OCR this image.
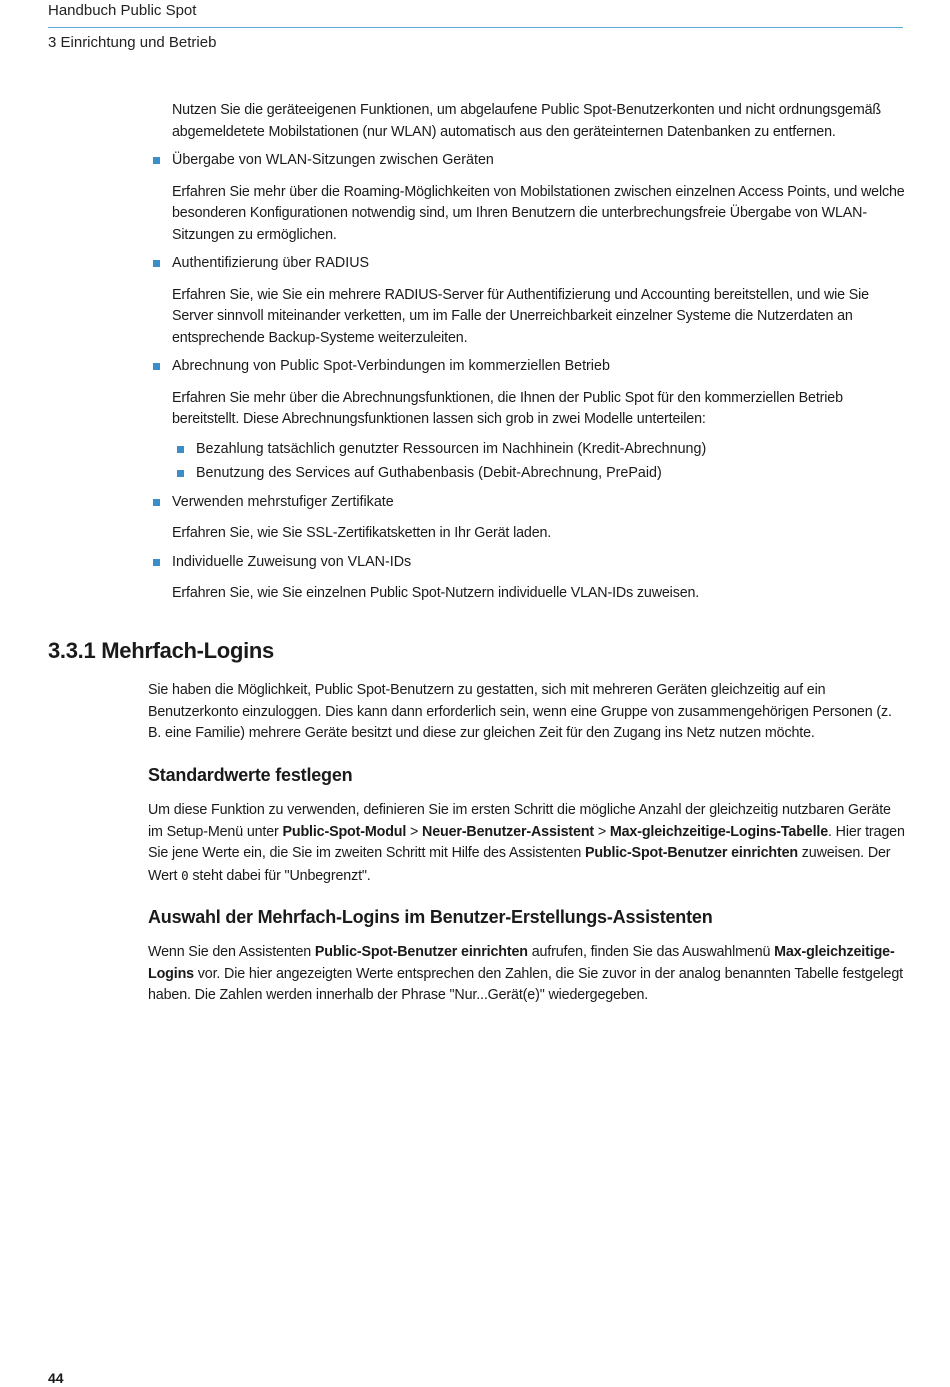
Handbuch Public Spot
3 Einrichtung und Betrieb

Nutzen Sie die geräteeigenen Funktionen, um abgelaufene Public Spot-Benutzerkonten und nicht ordnungsgemäß abgemeldetete Mobilstationen (nur WLAN) automatisch aus den geräteinternen Datenbanken zu entfernen.

Übergabe von WLAN-Sitzungen zwischen Geräten

Erfahren Sie mehr über die Roaming-Möglichkeiten von Mobilstationen zwischen einzelnen Access Points, und welche besonderen Konfigurationen notwendig sind, um Ihren Benutzern die unterbrechungsfreie Übergabe von WLAN-Sitzungen zu ermöglichen.

Authentifizierung über RADIUS

Erfahren Sie, wie Sie ein mehrere RADIUS-Server für Authentifizierung und Accounting bereitstellen, und wie Sie Server sinnvoll miteinander verketten, um im Falle der Unerreichbarkeit einzelner Systeme die Nutzerdaten an entsprechende Backup-Systeme weiterzuleiten.

Abrechnung von Public Spot-Verbindungen im kommerziellen Betrieb

Erfahren Sie mehr über die Abrechnungsfunktionen, die Ihnen der Public Spot für den kommerziellen Betrieb bereitstellt. Diese Abrechnungsfunktionen lassen sich grob in zwei Modelle unterteilen:

Bezahlung tatsächlich genutzter Ressourcen im Nachhinein (Kredit-Abrechnung)
Benutzung des Services auf Guthabenbasis (Debit-Abrechnung, PrePaid)
Verwenden mehrstufiger Zertifikate

Erfahren Sie, wie Sie SSL-Zertifikatsketten in Ihr Gerät laden.

Individuelle Zuweisung von VLAN-IDs

Erfahren Sie, wie Sie einzelnen Public Spot-Nutzern individuelle VLAN-IDs zuweisen.

3.3.1 Mehrfach-Logins

Sie haben die Möglichkeit, Public Spot-Benutzern zu gestatten, sich mit mehreren Geräten gleichzeitig auf ein Benutzerkonto einzuloggen. Dies kann dann erforderlich sein, wenn eine Gruppe von zusammengehörigen Personen (z. B. eine Familie) mehrere Geräte besitzt und diese zur gleichen Zeit für den Zugang ins Netz nutzen möchte.

Standardwerte festlegen

Um diese Funktion zu verwenden, definieren Sie im ersten Schritt die mögliche Anzahl der gleichzeitig nutzbaren Geräte im Setup-Menü unter Public-Spot-Modul > Neuer-Benutzer-Assistent > Max-gleichzeitige-Logins-Tabelle. Hier tragen Sie jene Werte ein, die Sie im zweiten Schritt mit Hilfe des Assistenten Public-Spot-Benutzer einrichten zuweisen. Der Wert 0 steht dabei für "Unbegrenzt".

Auswahl der Mehrfach-Logins im Benutzer-Erstellungs-Assistenten

Wenn Sie den Assistenten Public-Spot-Benutzer einrichten aufrufen, finden Sie das Auswahlmenü Max-gleichzeitige-Logins vor. Die hier angezeigten Werte entsprechen den Zahlen, die Sie zuvor in der analog benannten Tabelle festgelegt haben. Die Zahlen werden innerhalb der Phrase "Nur...Gerät(e)" wiedergegeben.

44
